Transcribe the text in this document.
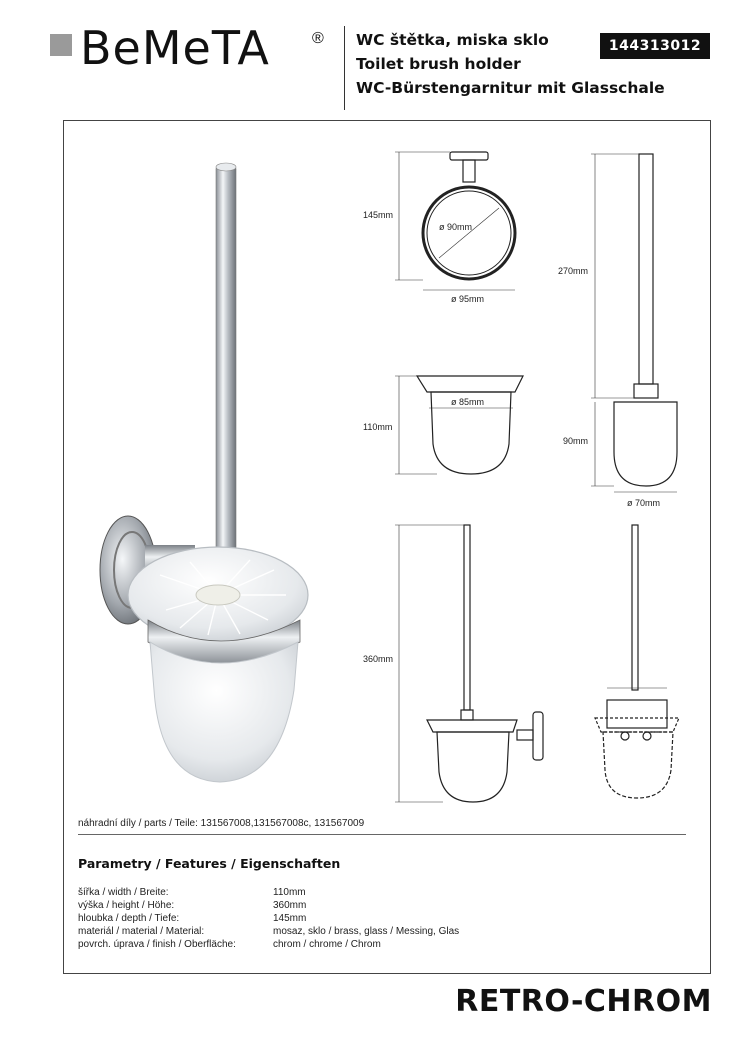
BeMeTA	® WC štětka, miska sklo
Toilet brush holder
WC-Bürstengarnitur mit Glasschale
144313012
145mm
ø 90mm
ø 95mm
270mm
90mm
ø 70mm
110mm
ø 85mm
360mm
náhradní díly / parts / Teile: 131567008,131567008c, 131567009
Parametry / Features / Eigenschaften
šířka / width / Breite:	110mm
výška / height / Höhe:	360mm
hloubka / depth / Tiefe:	145mm
materiál / material / Material:	mosaz, sklo / brass, glass / Messing, Glas
povrch. úprava / finish / Oberfläche:	chrom / chrome / Chrom
RETRO-CHROM
